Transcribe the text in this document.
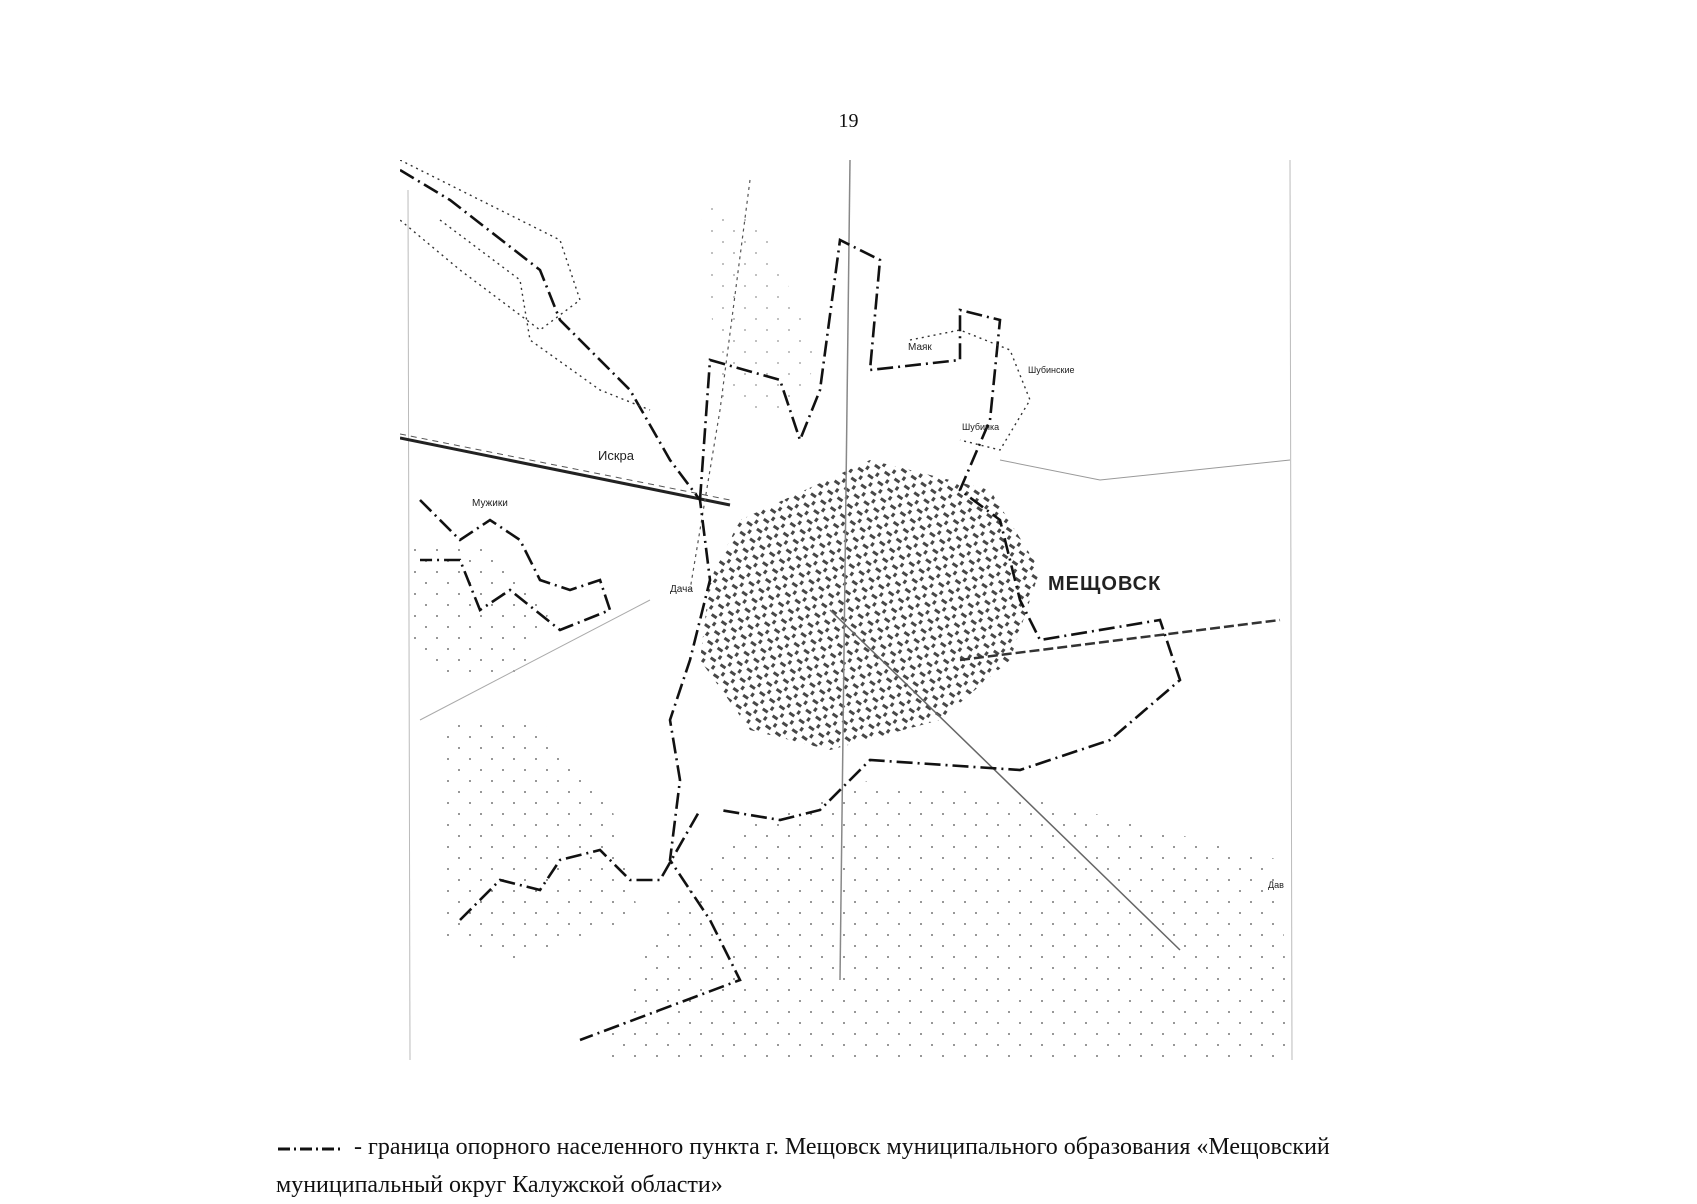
19
МЕЩОВСК
Искра
Мужики
Дача
Маяк
Шубинские
Шубинка
Дав
- граница опорного населенного пункта г. Мещовск муниципального образования «Мещовский муниципальный округ Калужской области»
